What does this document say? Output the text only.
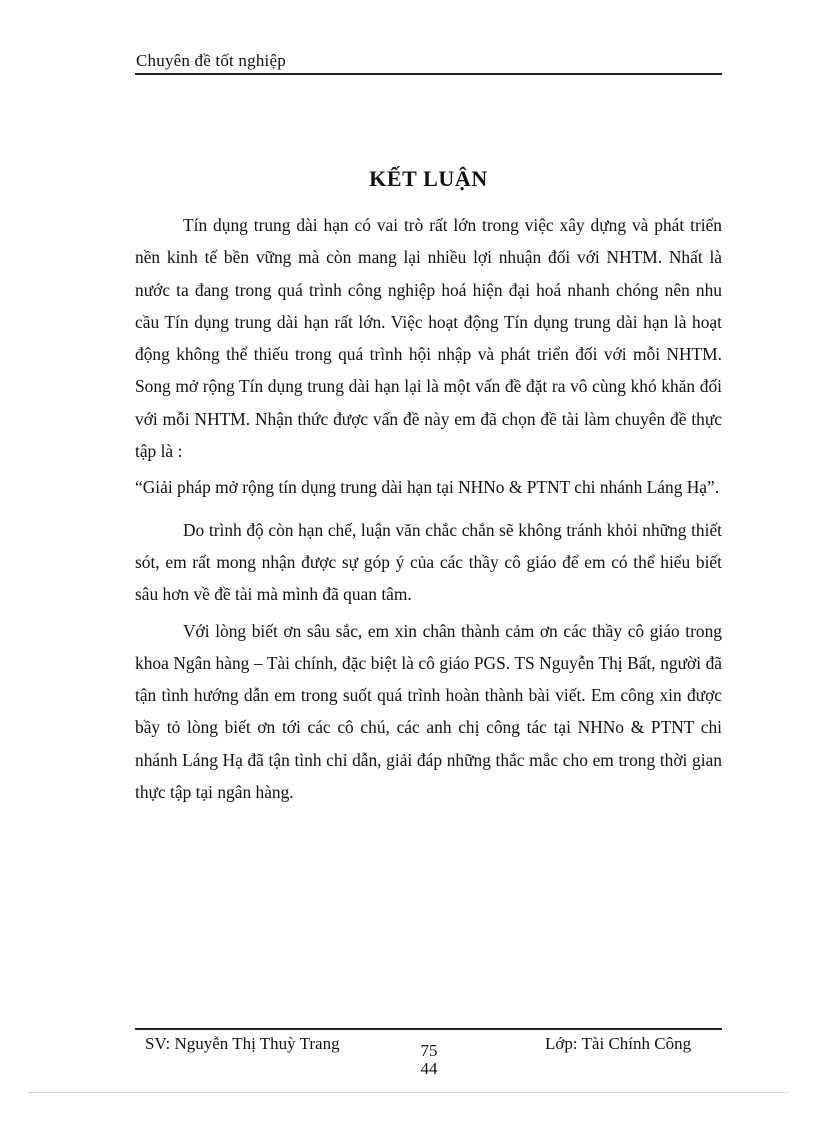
Chuyên đề tốt nghiệp
KẾT LUẬN

Tín dụng trung dài hạn có vai trò rất lớn trong việc xây dựng và phát triển nền kinh tế bền vững mà còn mang lại nhiều lợi nhuận đối với NHTM. Nhất là nước ta đang trong quá trình công nghiệp hoá hiện đại hoá nhanh chóng nên nhu cầu Tín dụng trung dài hạn rất lớn. Việc hoạt động Tín dụng trung dài hạn là hoạt động không thể thiếu trong quá trình hội nhập và phát triển đối với mỗi NHTM. Song mở rộng Tín dụng trung dài hạn lại là một vấn đề đặt ra vô cùng khó khăn đối với mỗi NHTM. Nhận thức được vấn đề này em đã chọn đề tài làm chuyên đề thực tập là :

“Giải pháp mở rộng tín dụng trung dài hạn tại NHNo & PTNT chi nhánh Láng Hạ”.

Do trình độ còn hạn chế, luận văn chắc chắn sẽ không tránh khỏi những thiết sót, em rất mong nhận được sự góp ý của các thầy cô giáo để em có thể hiểu biết sâu hơn về đề tài mà mình đã quan tâm.

Với lòng biết ơn sâu sắc, em xin chân thành cảm ơn các thầy cô giáo trong khoa Ngân hàng – Tài chính, đặc biệt là cô giáo PGS. TS Nguyễn Thị Bất, người đã tận tình hướng dẫn em trong suốt quá trình hoàn thành bài viết. Em công xin được bầy tỏ lòng biết ơn tới các cô chú, các anh chị công tác tại NHNo & PTNT chi nhánh Láng Hạ đã tận tình chỉ dẫn, giải đáp những thắc mắc cho em trong thời gian thực tập tại ngân hàng.

SV: Nguyễn Thị Thuỳ Trang	75
44
Lớp: Tài Chính Công
